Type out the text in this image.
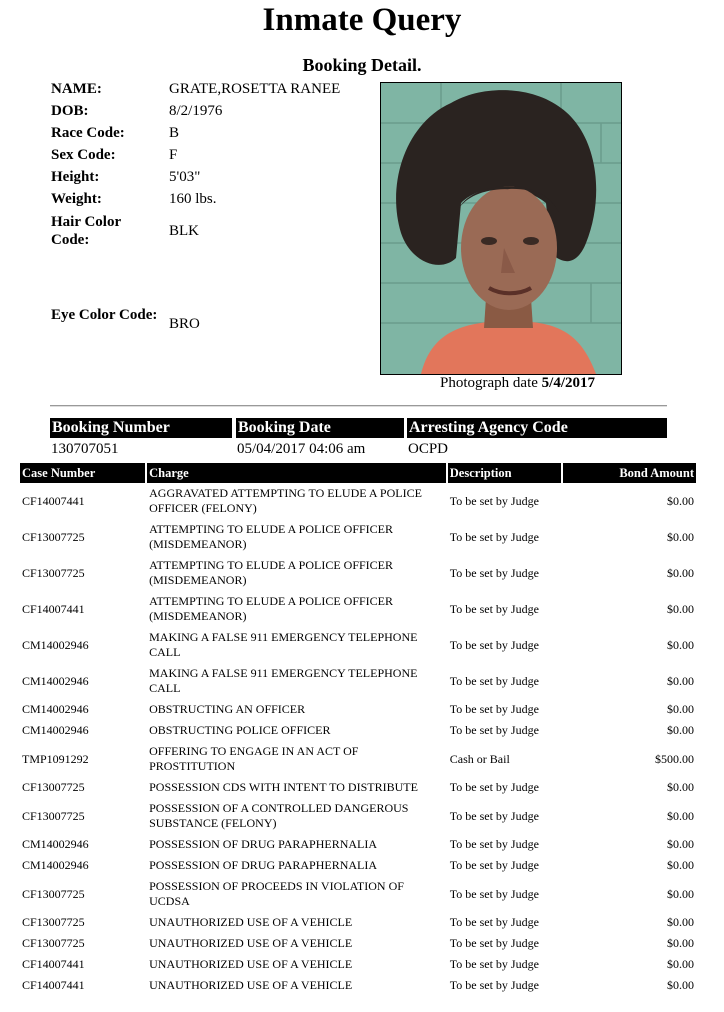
Inmate Query
Booking Detail.
NAME:	GRATE,ROSETTA RANEE
DOB:	8/2/1976
Race Code:	B
Sex Code:	F
Height:	5'03"
Weight:	160 lbs.
Hair Color Code:
BLK
Eye Color Code:
BRO
Photograph date 5/4/2017
Booking Number	Booking Date	Arresting Agency Code
130707051	05/04/2017 04:06 am	OCPD
Case Number	Charge	Description	Bond Amount
CF14007441	AGGRAVATED ATTEMPTING TO ELUDE A POLICE OFFICER (FELONY)	To be set by Judge	$0.00
CF13007725	ATTEMPTING TO ELUDE A POLICE OFFICER (MISDEMEANOR)	To be set by Judge	$0.00
CF13007725	ATTEMPTING TO ELUDE A POLICE OFFICER (MISDEMEANOR)	To be set by Judge	$0.00
CF14007441	ATTEMPTING TO ELUDE A POLICE OFFICER (MISDEMEANOR)	To be set by Judge	$0.00
CM14002946	MAKING A FALSE 911 EMERGENCY TELEPHONE CALL	To be set by Judge	$0.00
CM14002946	MAKING A FALSE 911 EMERGENCY TELEPHONE CALL	To be set by Judge	$0.00
CM14002946	OBSTRUCTING AN OFFICER	To be set by Judge	$0.00
CM14002946	OBSTRUCTING POLICE OFFICER	To be set by Judge	$0.00
TMP1091292	OFFERING TO ENGAGE IN AN ACT OF PROSTITUTION	Cash or Bail	$500.00
CF13007725	POSSESSION CDS WITH INTENT TO DISTRIBUTE	To be set by Judge	$0.00
CF13007725	POSSESSION OF A CONTROLLED DANGEROUS SUBSTANCE (FELONY)	To be set by Judge	$0.00
CM14002946	POSSESSION OF DRUG PARAPHERNALIA	To be set by Judge	$0.00
CM14002946	POSSESSION OF DRUG PARAPHERNALIA	To be set by Judge	$0.00
CF13007725	POSSESSION OF PROCEEDS IN VIOLATION OF UCDSA	To be set by Judge	$0.00
CF13007725	UNAUTHORIZED USE OF A VEHICLE	To be set by Judge	$0.00
CF13007725	UNAUTHORIZED USE OF A VEHICLE	To be set by Judge	$0.00
CF14007441	UNAUTHORIZED USE OF A VEHICLE	To be set by Judge	$0.00
CF14007441	UNAUTHORIZED USE OF A VEHICLE	To be set by Judge	$0.00
